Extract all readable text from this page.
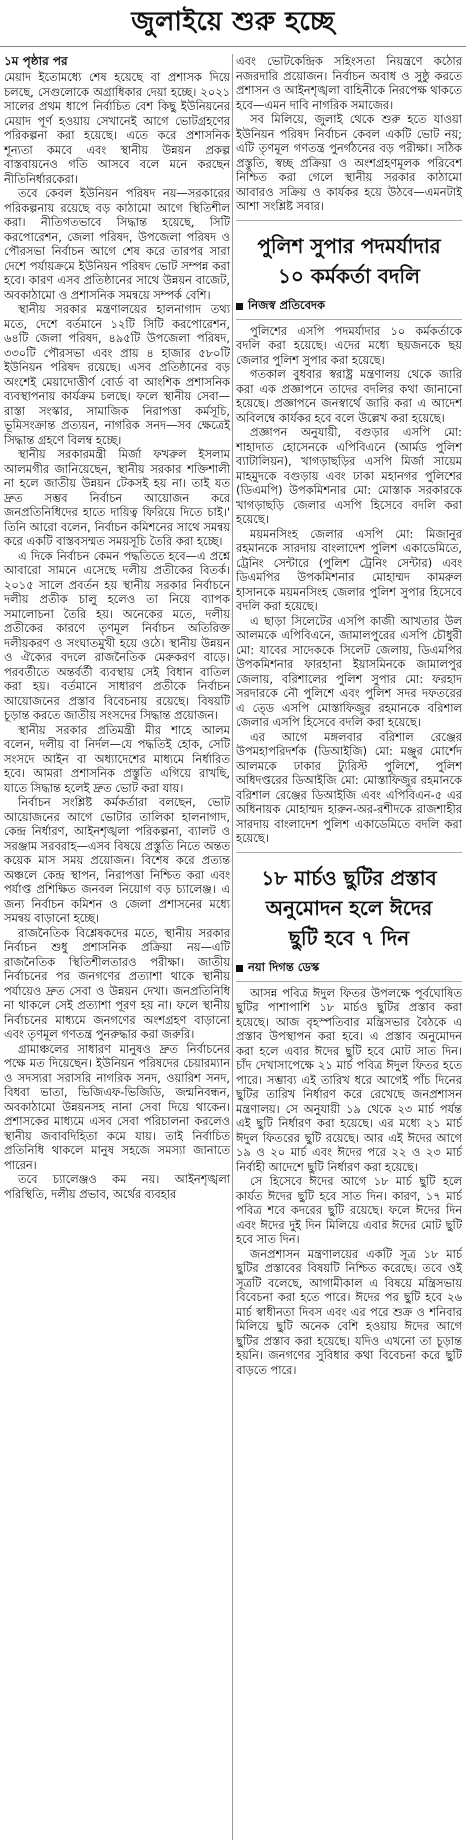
জুলাইয়ে শুরু হচ্ছে
১ম পৃষ্ঠার পর

মেয়াদ ইতোমধ্যে শেষ হয়েছে বা প্রশাসক দিয়ে চলছে, সেগুলোকে অগ্রাধিকার দেয়া হচ্ছে। ২০২১ সালের প্রথম ধাপে নির্বাচিত বেশ কিছু ইউনিয়নের মেয়াদ পূর্ণ হওয়ায় সেখানেই আগে ভোটগ্রহণের পরিকল্পনা করা হয়েছে। এতে করে প্রশাসনিক শূন্যতা কমবে এবং স্থানীয় উন্নয়ন প্রকল্প বাস্তবায়নেও গতি আসবে বলে মনে করছেন নীতিনির্ধারকেরা।

তবে কেবল ইউনিয়ন পরিষদ নয়—সরকারের পরিকল্পনায় রয়েছে বড় কাঠামো আগে স্থিতিশীল করা। নীতিগতভাবে সিদ্ধান্ত হয়েছে, সিটি করপোরেশন, জেলা পরিষদ, উপজেলা পরিষদ ও পৌরসভা নির্বাচন আগে শেষ করে তারপর সারা দেশে পর্যায়ক্রমে ইউনিয়ন পরিষদ ভোট সম্পন্ন করা হবে। কারণ এসব প্রতিষ্ঠানের সাথে উন্নয়ন বাজেট, অবকাঠামো ও প্রশাসনিক সমন্বয়ে সম্পর্ক বেশি।

স্থানীয় সরকার মন্ত্রণালয়ের হালনাগাদ তথ্য মতে, দেশে বর্তমানে ১২টি সিটি করপোরেশন, ৬৪টি জেলা পরিষদ, ৪৯৫টি উপজেলা পরিষদ, ৩৩০টি পৌরসভা এবং প্রায় ৪ হাজার ৫৮০টি ইউনিয়ন পরিষদ রয়েছে। এসব প্রতিষ্ঠানের বড় অংশেই মেয়াদোত্তীর্ণ বোর্ড বা আংশিক প্রশাসনিক ব্যবস্থাপনায় কার্যক্রম চলছে। ফলে স্থানীয় সেবা—রাস্তা সংস্কার, সামাজিক নিরাপত্তা কর্মসূচি, ভূমিসংক্রান্ত প্রত্যয়ন, নাগরিক সনদ—সব ক্ষেত্রেই সিদ্ধান্ত গ্রহণে বিলম্ব হচ্ছে।

স্থানীয় সরকারমন্ত্রী মির্জা ফখরুল ইসলাম আলমগীর জানিয়েছেন, স্থানীয় সরকার শক্তিশালী না হলে জাতীয় উন্নয়ন টেকসই হয় না। তাই যত দ্রুত সম্ভব নির্বাচন আয়োজন করে জনপ্রতিনিধিদের হাতে দায়িত্ব ফিরিয়ে দিতে চাই।' তিনি আরো বলেন, নির্বাচন কমিশনের সাথে সমন্বয় করে একটি বাস্তবসম্মত সময়সূচি তৈরি করা হচ্ছে।

এ দিকে নির্বাচন কেমন পদ্ধতিতে হবে—এ প্রশ্নে আবারো সামনে এসেছে দলীয় প্রতীকের বিতর্ক। ২০১৫ সালে প্রবর্তন হয় স্থানীয় সরকার নির্বাচনে দলীয় প্রতীক চালু হলেও তা নিয়ে ব্যাপক সমালোচনা তৈরি হয়। অনেকের মতে, দলীয় প্রতীকের কারণে তৃণমূল নির্বাচন অতিরিক্ত দলীয়করণ ও সংঘাতমুখী হয়ে ওঠে। স্থানীয় উন্নয়ন ও ঐক্যের বদলে রাজনৈতিক মেরুকরণ বাড়ে। পরবর্তীতে অন্তর্বর্তী ব্যবস্থায় সেই বিধান বাতিল করা হয়। বর্তমানে সাধারণ প্রতীকে নির্বাচন আয়োজনের প্রস্তাব বিবেচনায় রয়েছে। বিষয়টি চূড়ান্ত করতে জাতীয় সংসদের সিদ্ধান্ত প্রয়োজন।

স্থানীয় সরকার প্রতিমন্ত্রী মীর শাহে আলম বলেন, দলীয় বা নির্দল—যে পদ্ধতিই হোক, সেটি সংসদে আইন বা অধ্যাদেশের মাধ্যমে নির্ধারিত হবে। আমরা প্রশাসনিক প্রস্তুতি এগিয়ে রাখছি, যাতে সিদ্ধান্ত হলেই দ্রুত ভোট করা যায়।

নির্বাচন সংশ্লিষ্ট কর্মকর্তারা বলছেন, ভোট আয়োজনের আগে ভোটার তালিকা হালনাগাদ, কেন্দ্র নির্ধারণ, আইনশৃঙ্খলা পরিকল্পনা, ব্যালট ও সরঞ্জাম সরবরাহ—এসব বিষয়ে প্রস্তুতি নিতে অন্তত কয়েক মাস সময় প্রয়োজন। বিশেষ করে প্রত্যন্ত অঞ্চলে কেন্দ্র স্থাপন, নিরাপত্তা নিশ্চিত করা এবং পর্যাপ্ত প্রশিক্ষিত জনবল নিয়োগ বড় চ্যালেঞ্জ। এ জন্য নির্বাচন কমিশন ও জেলা প্রশাসনের মধ্যে সমন্বয় বাড়ানো হচ্ছে।

রাজনৈতিক বিশ্লেষকদের মতে, স্থানীয় সরকার নির্বাচন শুধু প্রশাসনিক প্রক্রিয়া নয়—এটি রাজনৈতিক স্থিতিশীলতারও পরীক্ষা। জাতীয় নির্বাচনের পর জনগণের প্রত্যাশা থাকে স্থানীয় পর্যায়েও দ্রুত সেবা ও উন্নয়ন দেখা। জনপ্রতিনিধি না থাকলে সেই প্রত্যাশা পূরণ হয় না। ফলে স্থানীয় নির্বাচনের মাধ্যমে জনগণের অংশগ্রহণ বাড়ানো এবং তৃণমূল গণতন্ত্র পুনরুদ্ধার করা জরুরি।

গ্রামাঞ্চলের সাধারণ মানুষও দ্রুত নির্বাচনের পক্ষে মত দিয়েছেন। ইউনিয়ন পরিষদের চেয়ারম্যান ও সদস্যরা সরাসরি নাগরিক সনদ, ওয়ারিশ সনদ, বিধবা ভাতা, ভিজিএফ-ভিজিডি, জন্মনিবন্ধন, অবকাঠামো উন্নয়নসহ নানা সেবা দিয়ে থাকেন। প্রশাসকের মাধ্যমে এসব সেবা পরিচালনা করলেও স্থানীয় জবাবদিহিতা কমে যায়। তাই নির্বাচিত প্রতিনিধি থাকলে মানুষ সহজে সমস্যা জানাতে পারেন।

তবে চ্যালেঞ্জও কম নয়। আইনশৃঙ্খলা পরিস্থিতি, দলীয় প্রভাব, অর্থের ব্যবহার

এবং ভোটকেন্দ্রিক সহিংসতা নিয়ন্ত্রণে কঠোর নজরদারি প্রয়োজন। নির্বাচন অবাধ ও সুষ্ঠু করতে প্রশাসন ও আইনশৃঙ্খলা বাহিনীকে নিরপেক্ষ থাকতে হবে—এমন দাবি নাগরিক সমাজের।

সব মিলিয়ে, জুলাই থেকে শুরু হতে যাওয়া ইউনিয়ন পরিষদ নির্বাচন কেবল একটি ভোট নয়; এটি তৃণমূল গণতন্ত্র পুনর্গঠনের বড় পরীক্ষা। সঠিক প্রস্তুতি, স্বচ্ছ প্রক্রিয়া ও অংশগ্রহণমূলক পরিবেশ নিশ্চিত করা গেলে স্থানীয় সরকার কাঠামো আবারও সক্রিয় ও কার্যকর হয়ে উঠবে—এমনটাই আশা সংশ্লিষ্ট সবার।

পুলিশ সুপার পদমর্যাদার
১০ কর্মকর্তা বদলি
নিজস্ব প্রতিবেদক

পুলিশের এসপি পদমর্যাদার ১০ কর্মকর্তাকে বদলি করা হয়েছে। এদের মধ্যে ছয়জনকে ছয় জেলার পুলিশ সুপার করা হয়েছে।

গতকাল বুধবার স্বরাষ্ট্র মন্ত্রণালয় থেকে জারি করা এক প্রজ্ঞাপনে তাদের বদলির কথা জানানো হয়েছে। প্রজ্ঞাপনে জনস্বার্থে জারি করা এ আদেশ অবিলম্বে কার্যকর হবে বলে উল্লেখ করা হয়েছে।

প্রজ্ঞাপন অনুযায়ী, বগুড়ার এসপি মো: শাহাদাত হোসেনকে এপিবিএনে (আর্মড পুলিশ ব্যাটালিয়ন), খাগড়াছড়ির এসপি মির্জা সায়েম মাহমুদকে বগুড়ায় এবং ঢাকা মহানগর পুলিশের (ডিএমপি) উপকমিশনার মো: মোস্তাক সরকারকে খাগড়াছড়ি জেলার এসপি হিসেবে বদলি করা হয়েছে।

ময়মনসিংহ জেলার এসপি মো: মিজানুর রহমানকে সারদায় বাংলাদেশ পুলিশ একাডেমিতে, ট্রেনিং সেন্টারে (পুলিশ ট্রেনিং সেন্টার) এবং ডিএমপির উপকমিশনার মোহাম্মদ কামরুল হাসানকে ময়মনসিংহ জেলার পুলিশ সুপার হিসেবে বদলি করা হয়েছে।

এ ছাড়া সিলেটের এসপি কাজী আখতার উল আলমকে এপিবিএনে, জামালপুরের এসপি চৌধুরী মো: যাবের সাদেককে সিলেট জেলায়, ডিএমপির উপকমিশনার ফারহানা ইয়াসমিনকে জামালপুর জেলায়, বরিশালের পুলিশ সুপার মো: ফরহাদ সরদারকে নৌ পুলিশে এবং পুলিশ সদর দফতরের এ তে্ড এসপি মোস্তাফিজুর রহমানকে বরিশাল জেলার এসপি হিসেবে বদলি করা হয়েছে।

এর আগে মঙ্গলবার বরিশাল রেঞ্জের উপমহাপরিদর্শক (ডিআইজি) মো: মঞ্জুর মোর্শেদ আলমকে ঢাকার ট্যুরিস্ট পুলিশে, পুলিশ অধিদপ্তরের ডিআইজি মো: মোস্তাফিজুর রহমানকে বরিশাল রেঞ্জের ডিআইজি এবং এপিবিএন-৫ এর অধিনায়ক মোহাম্মদ হারুন-অর-রশীদকে রাজশাহীর সারদায় বাংলাদেশ পুলিশ একাডেমিতে বদলি করা হয়েছে।

১৮ মার্চও ছুটির প্রস্তাব
অনুমোদন হলে ঈদের
ছুটি হবে ৭ দিন
নয়া দিগন্ত ডেস্ক

আসন্ন পবিত্র ঈদুল ফিতর উপলক্ষে পূর্বঘোষিত ছুটির পাশাপাশি ১৮ মার্চও ছুটির প্রস্তাব করা হয়েছে। আজ বৃহস্পতিবার মন্ত্রিসভার বৈঠকে এ প্রস্তাব উপস্থাপন করা হবে। এ প্রস্তাব অনুমোদন করা হলে এবার ঈদের ছুটি হবে মোট সাত দিন। চাঁদ দেখাসাপেক্ষে ২১ মার্চ পবিত্র ঈদুল ফিতর হতে পারে। সম্ভাব্য এই তারিখ ধরে আগেই পাঁচ দিনের ছুটির তারিখ নির্ধারণ করে রেখেছে জনপ্রশাসন মন্ত্রণালয়। সে অনুযায়ী ১৯ থেকে ২৩ মার্চ পর্যন্ত এই ছুটি নির্ধারণ করা হয়েছে। এর মধ্যে ২১ মার্চ ঈদুল ফিতরের ছুটি রয়েছে। আর এই ঈদের আগে ১৯ ও ২০ মার্চ এবং ঈদের পরে ২২ ও ২৩ মার্চ নির্বাহী আদেশে ছুটি নির্ধারণ করা হয়েছে।

সে হিসেবে ঈদের আগে ১৮ মার্চ ছুটি হলে কার্যত ঈদের ছুটি হবে সাত দিন। কারণ, ১৭ মার্চ পবিত্র শবে কদরের ছুটি রয়েছে। ফলে ঈদের দিন এবং ঈদের দুই দিন মিলিয়ে এবার ঈদের মোট ছুটি হবে সাত দিন।

জনপ্রশাসন মন্ত্রণালয়ের একটি সূত্র ১৮ মার্চ ছুটির প্রস্তাবের বিষয়টি নিশ্চিত করেছে। তবে ওই সূত্রটি বলেছে, আগামীকাল এ বিষয়ে মন্ত্রিসভায় বিবেচনা করা হতে পারে। ঈদের পর ছুটি হবে ২৬ মার্চ স্বাধীনতা দিবস এবং এর পরে শুক্র ও শনিবার মিলিয়ে ছুটি অনেক বেশি হওয়ায় ঈদের আগে ছুটির প্রস্তাব করা হয়েছে। যদিও এখনো তা চূড়ান্ত হয়নি। জনগণের সুবিধার কথা বিবেচনা করে ছুটি বাড়তে পারে।
